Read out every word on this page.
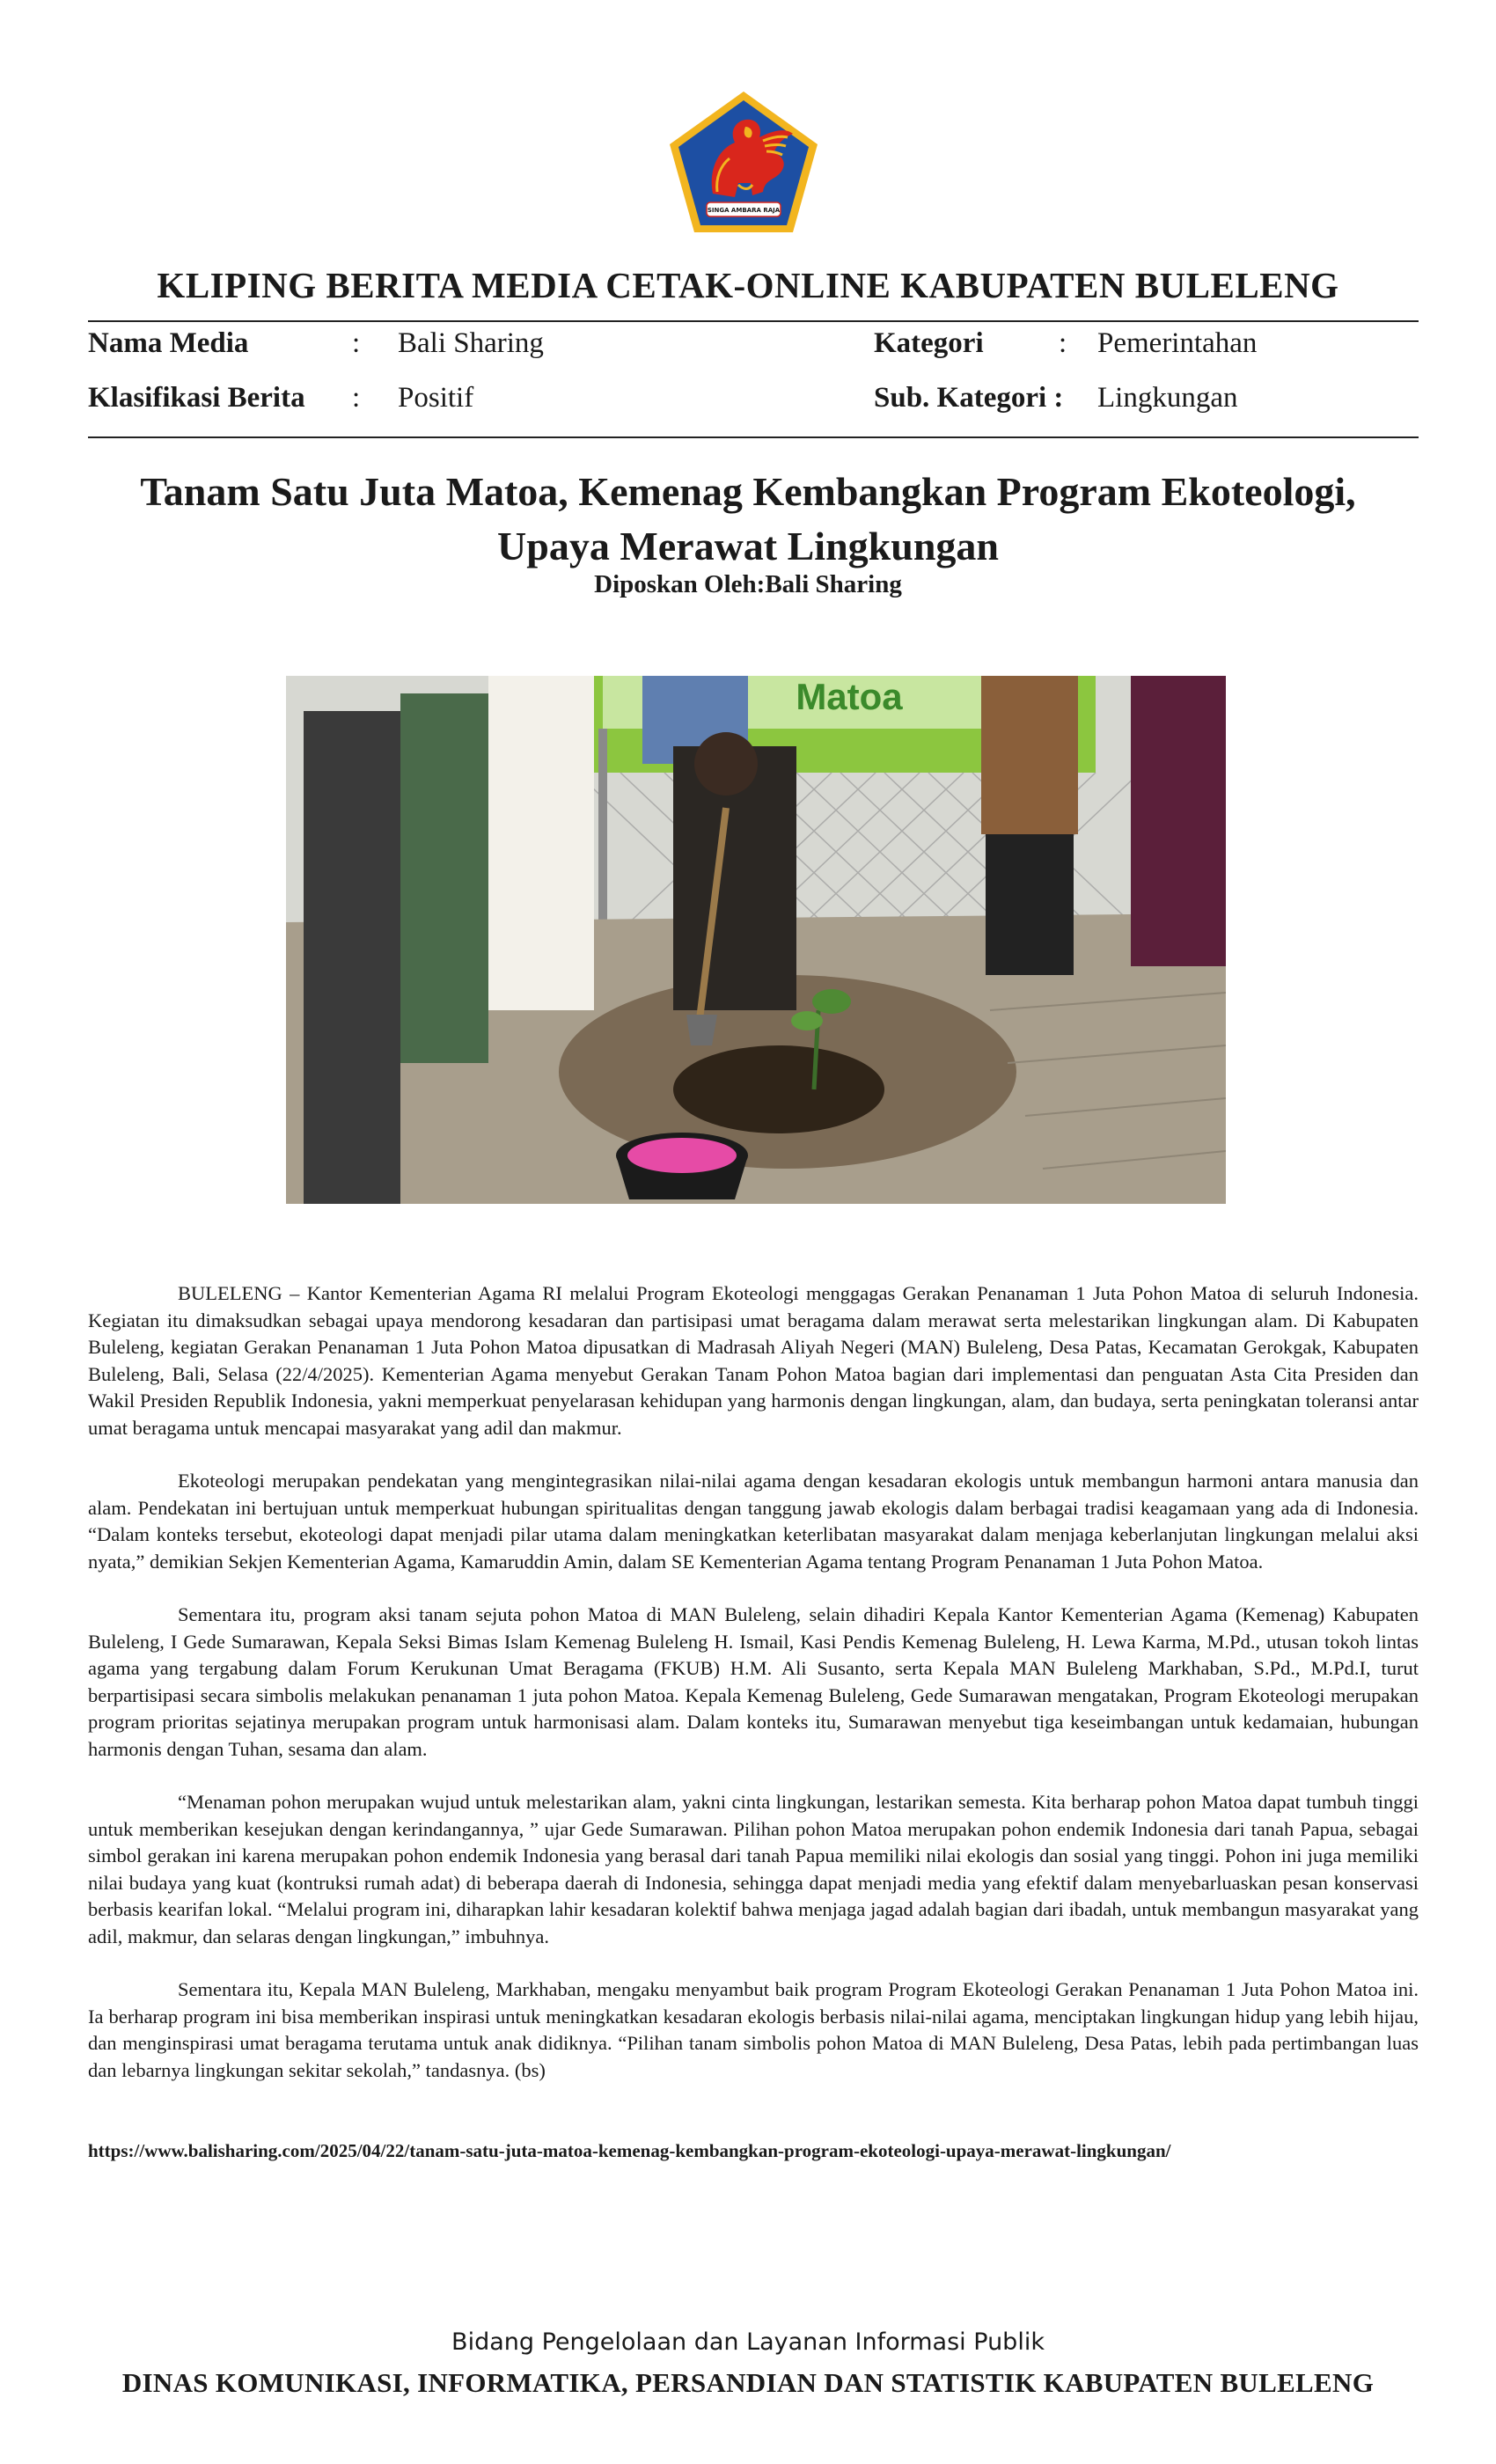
SINGA AMBARA RAJA
KLIPING BERITA MEDIA CETAK-ONLINE KABUPATEN BULELENG
Nama Media	: Bali Sharing	Kategori	: Pemerintahan
Klasifikasi Berita : Positif	Sub. Kategori : Lingkungan
Tanam Satu Juta Matoa, Kemenag Kembangkan Program Ekoteologi,
Upaya Merawat Lingkungan
Diposkan Oleh:Bali Sharing
Matoa

BULELENG – Kantor Kementerian Agama RI melalui Program Ekoteologi menggagas Gerakan Penanaman 1 Juta Pohon Matoa di seluruh Indonesia. Kegiatan itu dimaksudkan sebagai upaya mendorong kesadaran dan partisipasi umat beragama dalam merawat serta melestarikan lingkungan alam. Di Kabupaten Buleleng, kegiatan Gerakan Penanaman 1 Juta Pohon Matoa dipusatkan di Madrasah Aliyah Negeri (MAN) Buleleng, Desa Patas, Kecamatan Gerokgak, Kabupaten Buleleng, Bali, Selasa (22/4/2025). Kementerian Agama menyebut Gerakan Tanam Pohon Matoa bagian dari implementasi dan penguatan Asta Cita Presiden dan Wakil Presiden Republik Indonesia, yakni memperkuat penyelarasan kehidupan yang harmonis dengan lingkungan, alam, dan budaya, serta peningkatan toleransi antar umat beragama untuk mencapai masyarakat yang adil dan makmur.

Ekoteologi merupakan pendekatan yang mengintegrasikan nilai-nilai agama dengan kesadaran ekologis untuk membangun harmoni antara manusia dan alam. Pendekatan ini bertujuan untuk memperkuat hubungan spiritualitas dengan tanggung jawab ekologis dalam berbagai tradisi keagamaan yang ada di Indonesia. “Dalam konteks tersebut, ekoteologi dapat menjadi pilar utama dalam meningkatkan keterlibatan masyarakat dalam menjaga keberlanjutan lingkungan melalui aksi nyata,” demikian Sekjen Kementerian Agama, Kamaruddin Amin, dalam SE Kementerian Agama tentang Program Penanaman 1 Juta Pohon Matoa.

Sementara itu, program aksi tanam sejuta pohon Matoa di MAN Buleleng, selain dihadiri Kepala Kantor Kementerian Agama (Kemenag) Kabupaten Buleleng, I Gede Sumarawan, Kepala Seksi Bimas Islam Kemenag Buleleng H. Ismail, Kasi Pendis Kemenag Buleleng, H. Lewa Karma, M.Pd., utusan tokoh lintas agama yang tergabung dalam Forum Kerukunan Umat Beragama (FKUB) H.M. Ali Susanto, serta Kepala MAN Buleleng Markhaban, S.Pd., M.Pd.I, turut berpartisipasi secara simbolis melakukan penanaman 1 juta pohon Matoa. Kepala Kemenag Buleleng, Gede Sumarawan mengatakan, Program Ekoteologi merupakan program prioritas sejatinya merupakan program untuk harmonisasi alam. Dalam konteks itu, Sumarawan menyebut tiga keseimbangan untuk kedamaian, hubungan harmonis dengan Tuhan, sesama dan alam.

“Menaman pohon merupakan wujud untuk melestarikan alam, yakni cinta lingkungan, lestarikan semesta. Kita berharap pohon Matoa dapat tumbuh tinggi untuk memberikan kesejukan dengan kerindangannya, ” ujar Gede Sumarawan. Pilihan pohon Matoa merupakan pohon endemik Indonesia dari tanah Papua, sebagai simbol gerakan ini karena merupakan pohon endemik Indonesia yang berasal dari tanah Papua memiliki nilai ekologis dan sosial yang tinggi. Pohon ini juga memiliki nilai budaya yang kuat (kontruksi rumah adat) di beberapa daerah di Indonesia, sehingga dapat menjadi media yang efektif dalam menyebarluaskan pesan konservasi berbasis kearifan lokal. “Melalui program ini, diharapkan lahir kesadaran kolektif bahwa menjaga jagad adalah bagian dari ibadah, untuk membangun masyarakat yang adil, makmur, dan selaras dengan lingkungan,” imbuhnya.

Sementara itu, Kepala MAN Buleleng, Markhaban, mengaku menyambut baik program Program Ekoteologi Gerakan Penanaman 1 Juta Pohon Matoa ini. Ia berharap program ini bisa memberikan inspirasi untuk meningkatkan kesadaran ekologis berbasis nilai-nilai agama, menciptakan lingkungan hidup yang lebih hijau, dan menginspirasi umat beragama terutama untuk anak didiknya. “Pilihan tanam simbolis pohon Matoa di MAN Buleleng, Desa Patas, lebih pada pertimbangan luas dan lebarnya lingkungan sekitar sekolah,” tandasnya. (bs)

https://www.balisharing.com/2025/04/22/tanam-satu-juta-matoa-kemenag-kembangkan-program-ekoteologi-upaya-merawat-lingkungan/
Bidang Pengelolaan dan Layanan Informasi Publik
DINAS KOMUNIKASI, INFORMATIKA, PERSANDIAN DAN STATISTIK KABUPATEN BULELENG
